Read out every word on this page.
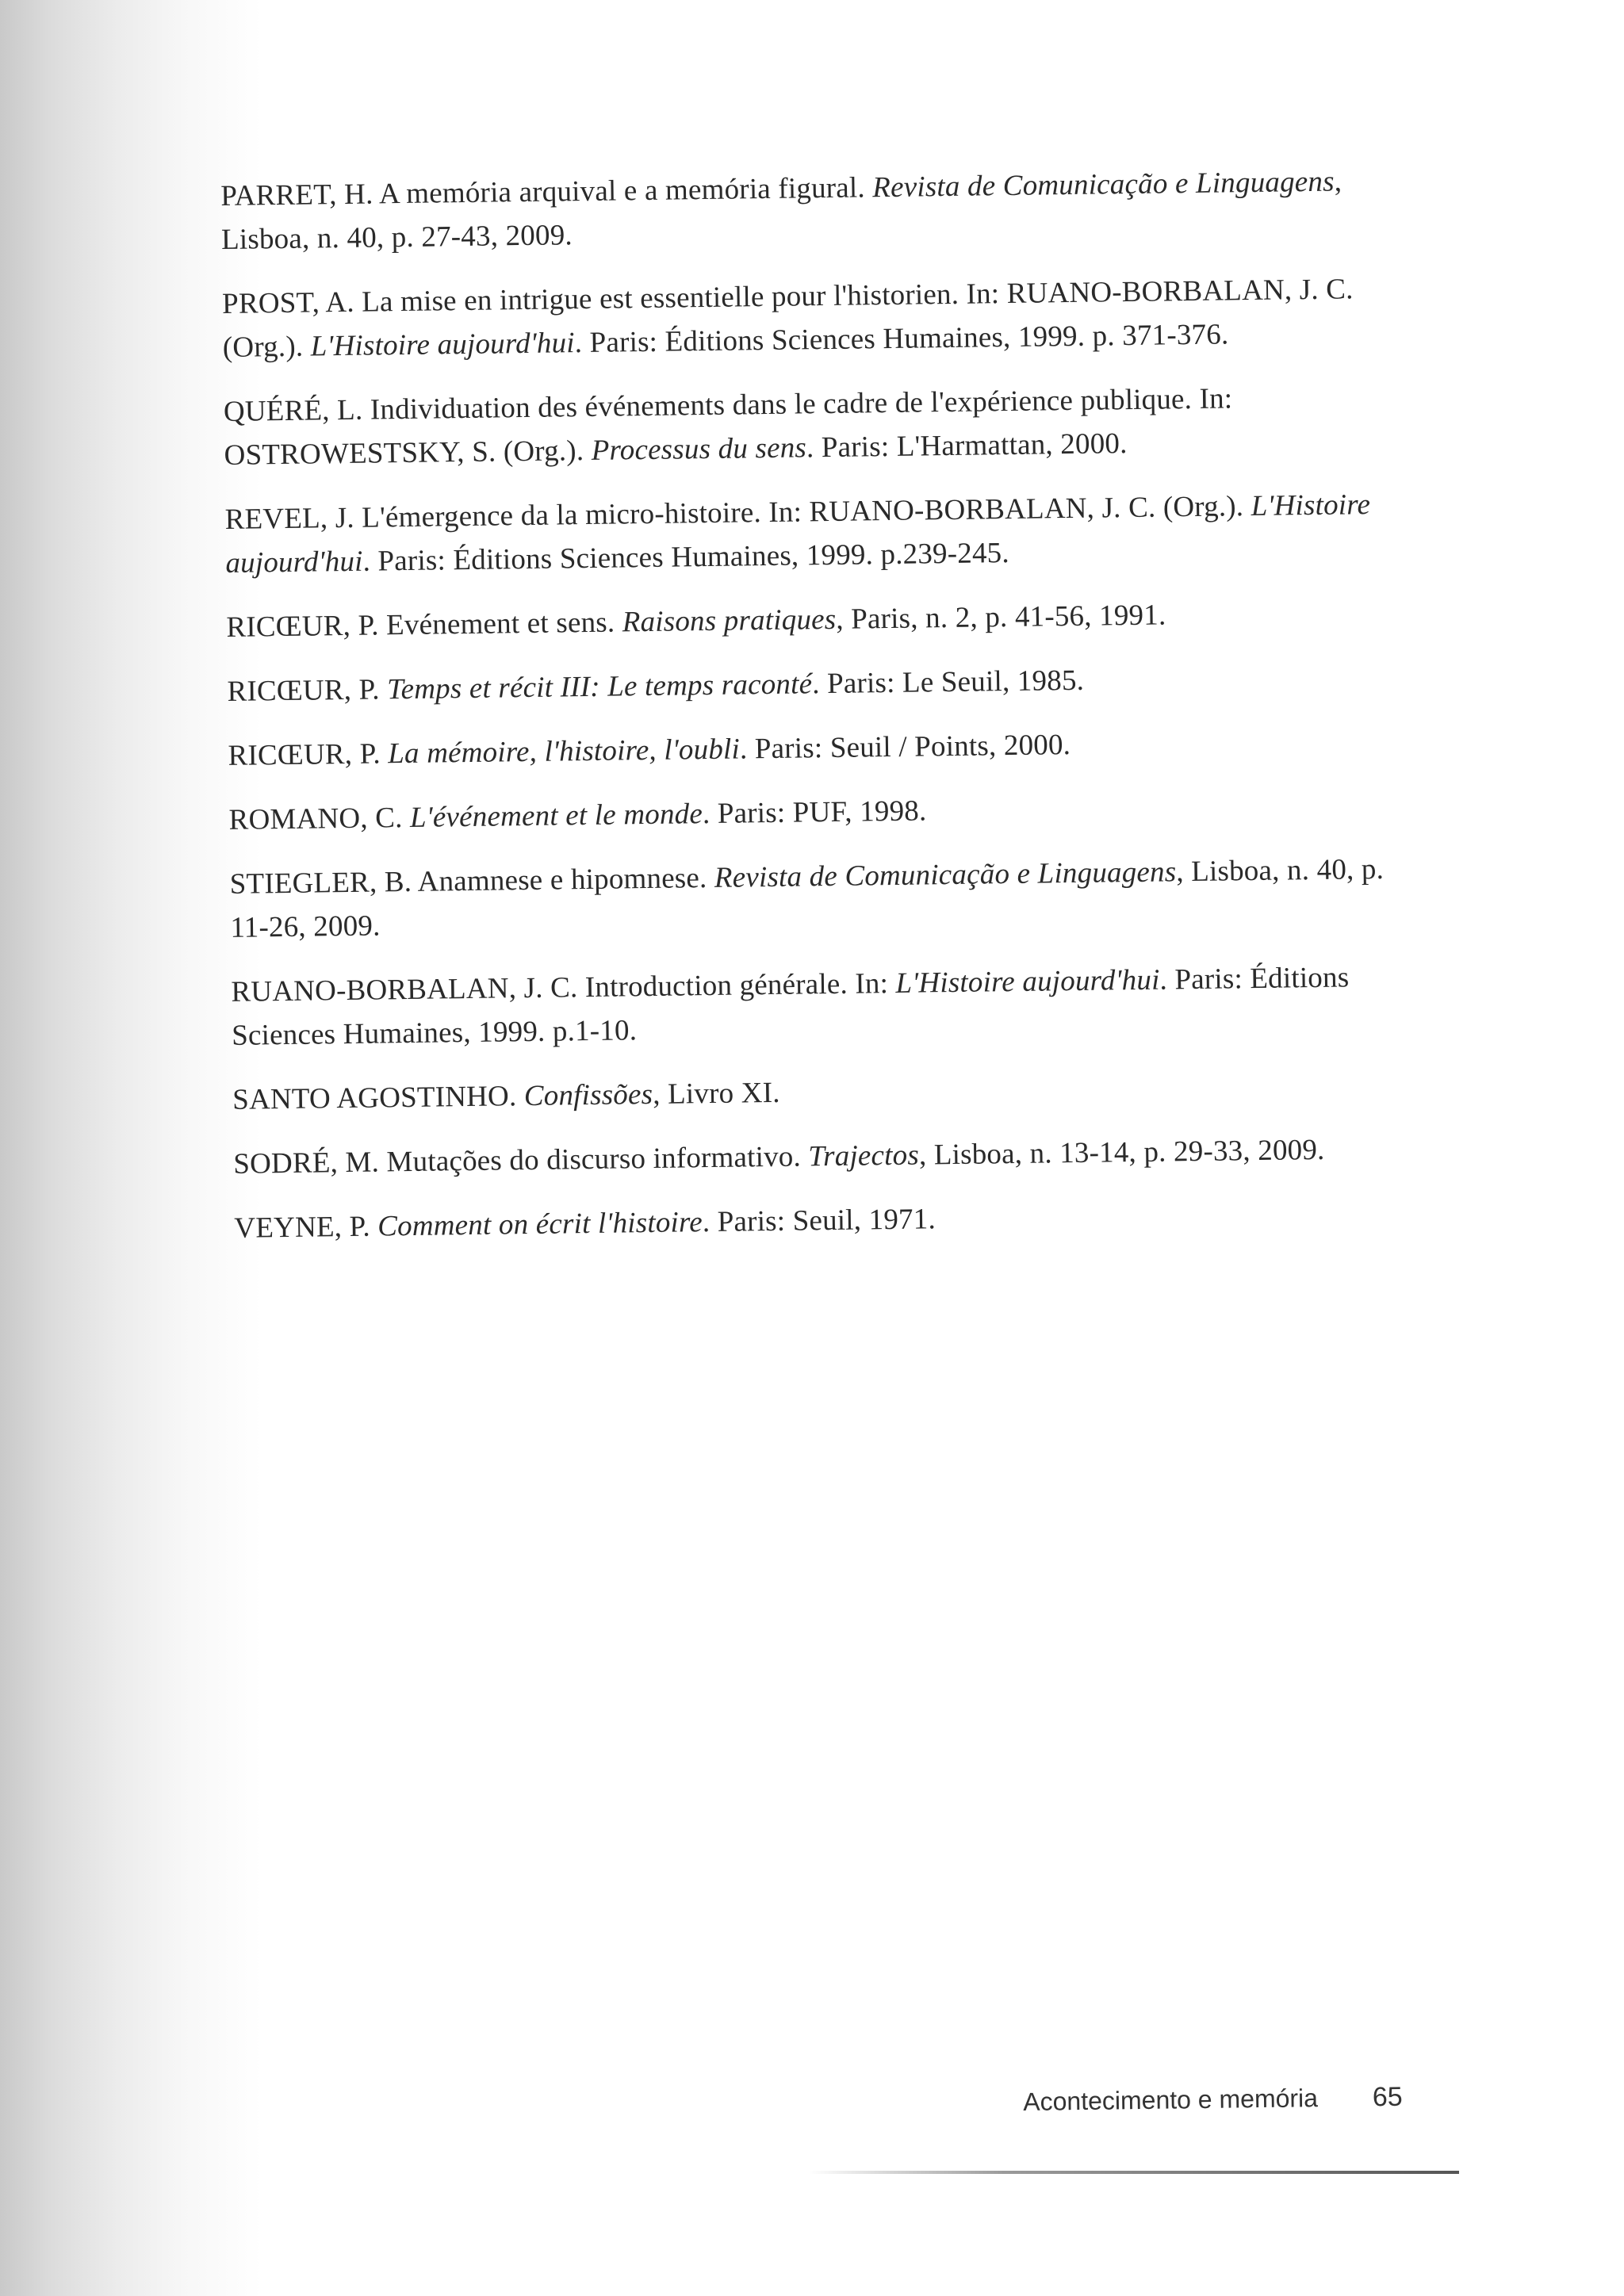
PARRET, H. A memória arquival e a memória figural. Revista de Comunicação e Linguagens, Lisboa, n. 40, p. 27-43, 2009.

PROST, A. La mise en intrigue est essentielle pour l'historien. In: RUANO-BORBALAN, J. C. (Org.). L'Histoire aujourd'hui. Paris: Éditions Sciences Humaines, 1999. p. 371-376.

QUÉRÉ, L. Individuation des événements dans le cadre de l'expérience publique. In: OSTROWESTSKY, S. (Org.). Processus du sens. Paris: L'Harmattan, 2000.

REVEL, J. L'émergence da la micro-histoire. In: RUANO-BORBALAN, J. C. (Org.). L'Histoire aujourd'hui. Paris: Éditions Sciences Humaines, 1999. p.239-245.

RICŒUR, P. Evénement et sens. Raisons pratiques, Paris, n. 2, p. 41-56, 1991.

RICŒUR, P. Temps et récit III: Le temps raconté. Paris: Le Seuil, 1985.

RICŒUR, P. La mémoire, l'histoire, l'oubli. Paris: Seuil / Points, 2000.

ROMANO, C. L'événement et le monde. Paris: PUF, 1998.

STIEGLER, B. Anamnese e hipomnese. Revista de Comunicação e Linguagens, Lisboa, n. 40, p. 11-26, 2009.

RUANO-BORBALAN, J. C. Introduction générale. In: L'Histoire aujourd'hui. Paris: Éditions Sciences Humaines, 1999. p.1-10.

SANTO AGOSTINHO. Confissões, Livro XI.

SODRÉ, M. Mutações do discurso informativo. Trajectos, Lisboa, n. 13-14, p. 29-33, 2009.

VEYNE, P. Comment on écrit l'histoire. Paris: Seuil, 1971.

Acontecimento e memória 65
